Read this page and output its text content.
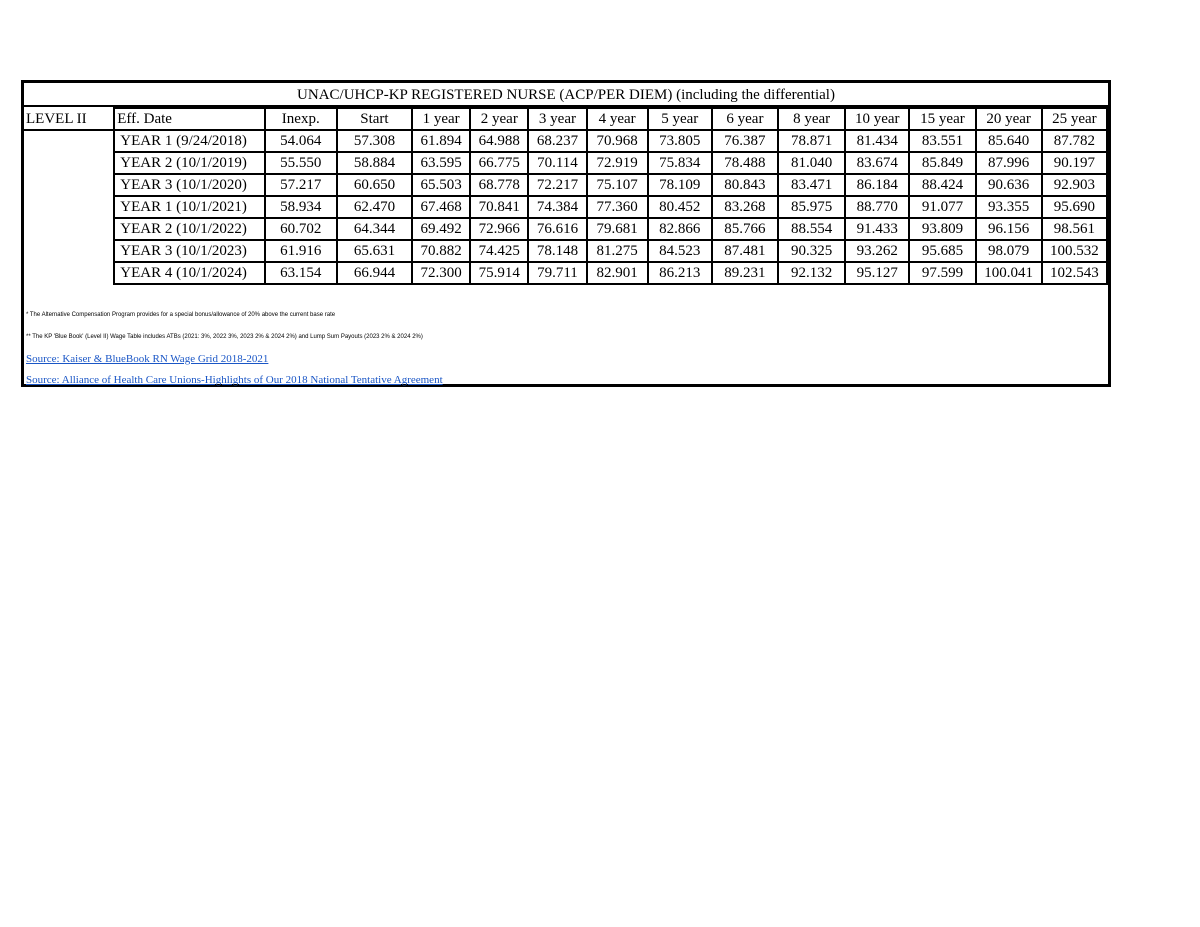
UNAC/UHCP-KP REGISTERED NURSE (ACP/PER DIEM) (including the differential)
LEVEL II	Eff. Date	Inexp.	Start	1 year	2 year	3 year	4 year	5 year	6 year	8 year	10 year	15 year	20 year	25 year
	YEAR 1 (9/24/2018)	54.064	57.308	61.894	64.988	68.237	70.968	73.805	76.387	78.871	81.434	83.551	85.640	87.782
	YEAR 2 (10/1/2019)	55.550	58.884	63.595	66.775	70.114	72.919	75.834	78.488	81.040	83.674	85.849	87.996	90.197
	YEAR 3 (10/1/2020)	57.217	60.650	65.503	68.778	72.217	75.107	78.109	80.843	83.471	86.184	88.424	90.636	92.903
	YEAR 1 (10/1/2021)	58.934	62.470	67.468	70.841	74.384	77.360	80.452	83.268	85.975	88.770	91.077	93.355	95.690
	YEAR 2 (10/1/2022)	60.702	64.344	69.492	72.966	76.616	79.681	82.866	85.766	88.554	91.433	93.809	96.156	98.561
	YEAR 3 (10/1/2023)	61.916	65.631	70.882	74.425	78.148	81.275	84.523	87.481	90.325	93.262	95.685	98.079	100.532
	YEAR 4 (10/1/2024)	63.154	66.944	72.300	75.914	79.711	82.901	86.213	89.231	92.132	95.127	97.599	100.041	102.543
* The Alternative Compensation Program provides for a special bonus/allowance of 20% above the current base rate
** The KP 'Blue Book' (Level II) Wage Table includes ATBs (2021: 3%, 2022 3%, 2023 2% & 2024 2%) and Lump Sum Payouts (2023 2% & 2024 2%)
Source: Kaiser & BlueBook RN Wage Grid 2018-2021
Source: Alliance of Health Care Unions-Highlights of Our 2018 National Tentative Agreement
